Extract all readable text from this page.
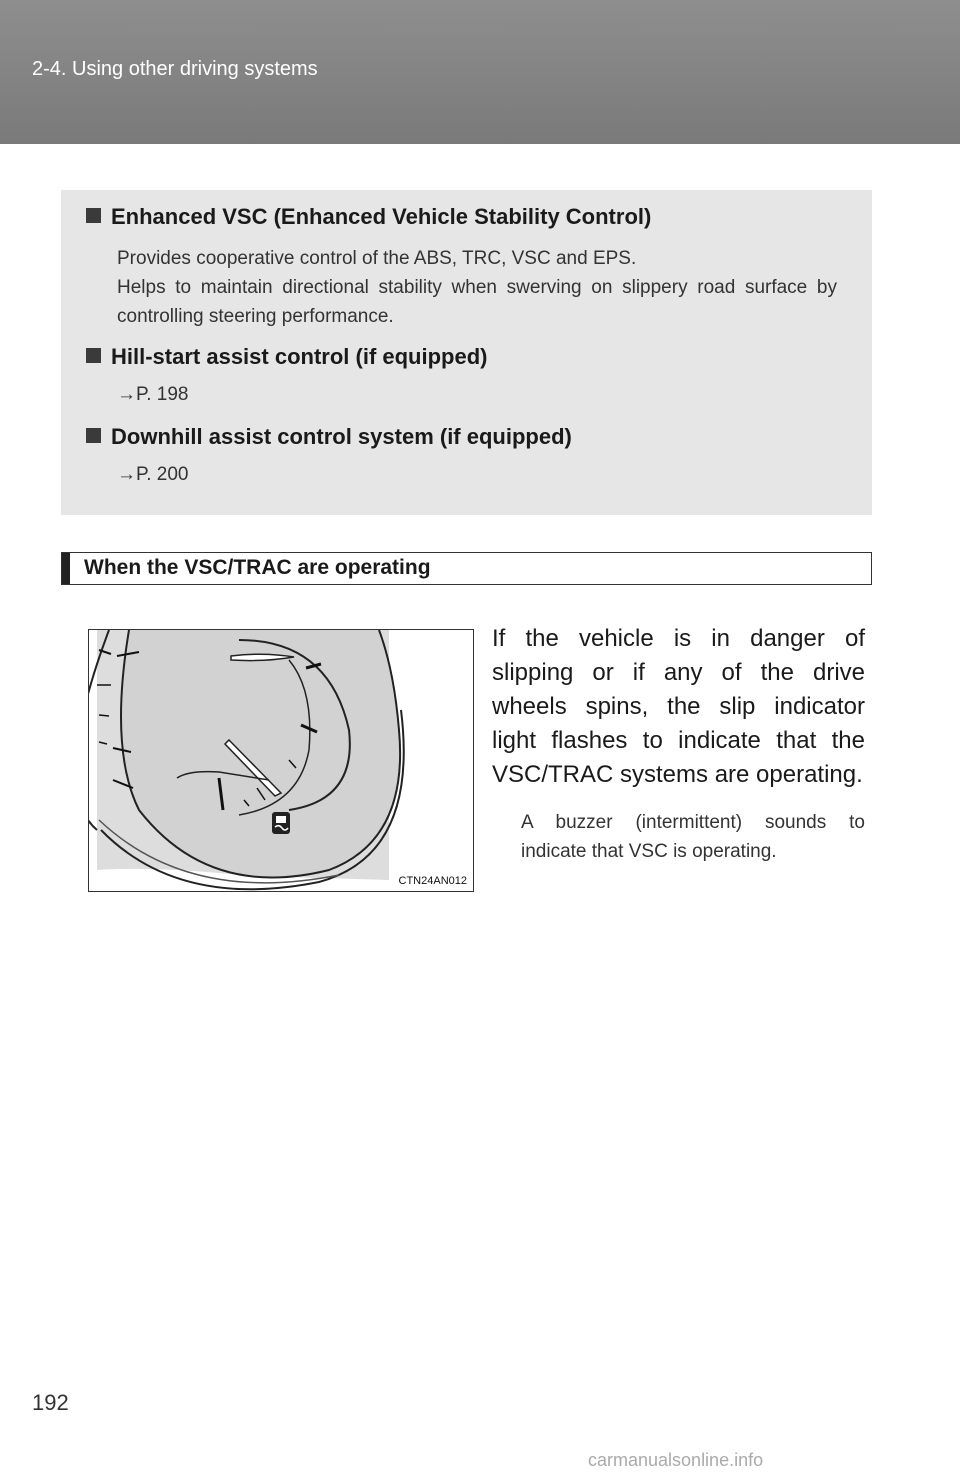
2-4. Using other driving systems
Enhanced VSC (Enhanced Vehicle Stability Control)
Provides cooperative control of the ABS, TRC, VSC and EPS.
Helps to maintain directional stability when swerving on slippery road surface by controlling steering performance.
Hill-start assist control (if equipped)
→P. 198
Downhill assist control system (if equipped)
→P. 200
When the VSC/TRAC are operating
CTN24AN012
If the vehicle is in danger of slipping or if any of the drive wheels spins, the slip indicator light flashes to indicate that the VSC/TRAC systems are operating.
A buzzer (intermittent) sounds to indicate that VSC is operating.
192
carmanualsonline.info
